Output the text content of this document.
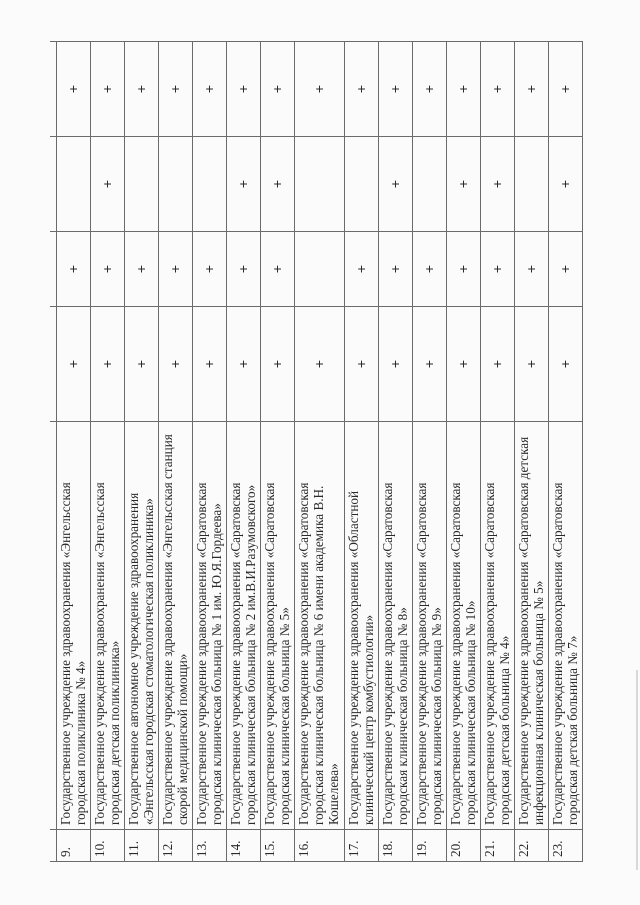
9.	Государственное учреждение здравоохранения «Энгельсская городская поликлиника № 4»	+	+		+
10.	Государственное учреждение здравоохранения «Энгельсская городская детская поликлиника»	+	+	+	+
11.	Государственное автономное учреждение здравоохранения «Энгельсская городская стоматологическая поликлиника»	+	+		+
12.	Государственное учреждение здравоохранения «Энгельсская станция скорой медицинской помощи»	+	+		+
13.	Государственное учреждение здравоохранения «Саратовская городская клиническая больница № 1 им. Ю.Я.Гордеева»	+	+		+
14.	Государственное учреждение здравоохранения «Саратовская городская клиническая больница № 2 им.В.И.Разумовского»	+	+	+	+
15.	Государственное учреждение здравоохранения «Саратовская городская клиническая больница № 5»	+	+	+	+
16.	Государственное учреждение здравоохранения «Саратовская городская клиническая больница № 6 имени академика В.Н. Кошелева»	+			+
17.	Государственное учреждение здравоохранения «Областной клинический центр комбустиологии»	+	+		+
18.	Государственное учреждение здравоохранения «Саратовская городская клиническая больница № 8»	+	+	+	+
19.	Государственное учреждение здравоохранения «Саратовская городская клиническая больница № 9»	+	+		+
20.	Государственное учреждение здравоохранения «Саратовская городская клиническая больница № 10»	+	+	+	+
21.	Государственное учреждение здравоохранения «Саратовская городская детская больница № 4»	+	+	+	+
22.	Государственное учреждение здравоохранения «Саратовская детская инфекционная клиническая больница № 5»	+	+		+
23.	Государственное учреждение здравоохранения «Саратовская городская детская больница № 7»	+	+	+	+
